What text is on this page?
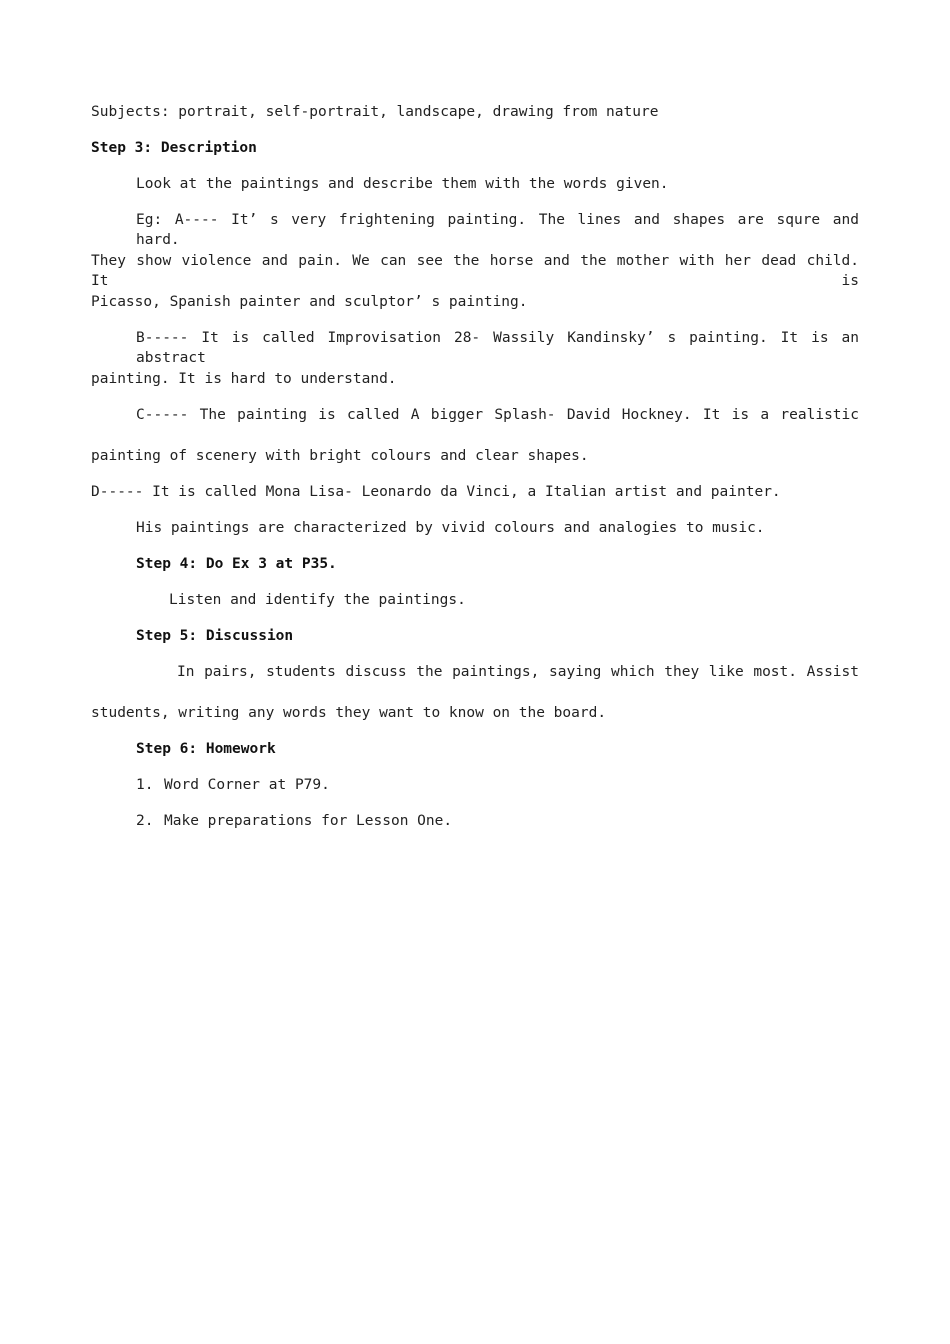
Subjects: portrait, self-portrait, landscape, drawing from nature
Step 3: Description
Look at the paintings and describe them with the words given.
Eg: A---- It’ s very frightening painting. The lines and shapes are squre and hard.
They show violence and pain. We can see the horse and the mother with her dead child. It is
Picasso, Spanish painter and sculptor’ s painting.
B----- It is called Improvisation 28- Wassily Kandinsky’ s painting. It is an abstract
painting. It is hard to understand.
C----- The painting is called A bigger Splash- David Hockney. It is a realistic
painting of scenery with bright colours and clear shapes.
D----- It is called Mona Lisa- Leonardo da Vinci, a Italian artist and painter.
His paintings are characterized by vivid colours and analogies to music.
Step 4: Do Ex 3 at P35.
Listen and identify the paintings.
Step 5: Discussion
In pairs, students discuss the paintings, saying which they like most. Assist
students, writing any words they want to know on the board.
Step 6: Homework
1. Word Corner at P79.
2. Make preparations for Lesson One.
